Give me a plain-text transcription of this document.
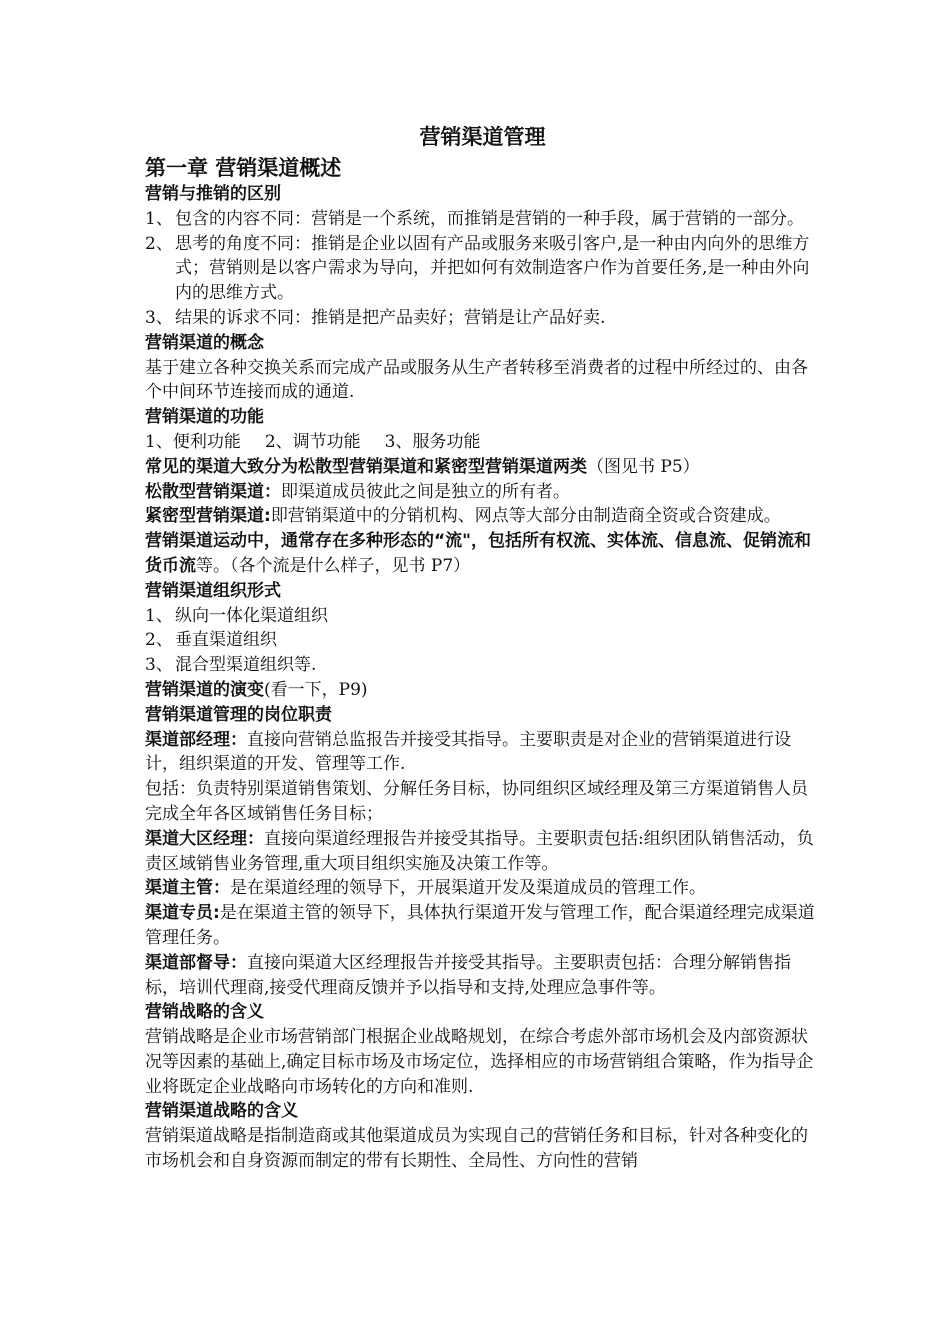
营销渠道管理
第一章 营销渠道概述
营销与推销的区别
1、 包含的内容不同：营销是一个系统，而推销是营销的一种手段，属于营销的一部分。
2、 思考的角度不同：推销是企业以固有产品或服务来吸引客户,是一种由内向外的思维方式；营销则是以客户需求为导向，并把如何有效制造客户作为首要任务,是一种由外向内的思维方式。
3、 结果的诉求不同：推销是把产品卖好；营销是让产品好卖.
营销渠道的概念
基于建立各种交换关系而完成产品或服务从生产者转移至消费者的过程中所经过的、由各个中间环节连接而成的通道.
营销渠道的功能
1、便利功能 2、调节功能 3、服务功能
常见的渠道大致分为松散型营销渠道和紧密型营销渠道两类（图见书 P5）
松散型营销渠道：即渠道成员彼此之间是独立的所有者。
紧密型营销渠道:即营销渠道中的分销机构、网点等大部分由制造商全资或合资建成。
营销渠道运动中，通常存在多种形态的“流"，包括所有权流、实体流、信息流、促销流和货币流等。（各个流是什么样子，见书 P7）
营销渠道组织形式
1、 纵向一体化渠道组织
2、 垂直渠道组织
3、 混合型渠道组织等.
营销渠道的演变(看一下，P9)
营销渠道管理的岗位职责
渠道部经理：直接向营销总监报告并接受其指导。主要职责是对企业的营销渠道进行设计，组织渠道的开发、管理等工作.
包括：负责特别渠道销售策划、分解任务目标，协同组织区域经理及第三方渠道销售人员完成全年各区域销售任务目标；
渠道大区经理：直接向渠道经理报告并接受其指导。主要职责包括:组织团队销售活动，负责区域销售业务管理,重大项目组织实施及决策工作等。
渠道主管：是在渠道经理的领导下，开展渠道开发及渠道成员的管理工作。
渠道专员:是在渠道主管的领导下，具体执行渠道开发与管理工作，配合渠道经理完成渠道管理任务。
渠道部督导：直接向渠道大区经理报告并接受其指导。主要职责包括：合理分解销售指标，培训代理商,接受代理商反馈并予以指导和支持,处理应急事件等。
营销战略的含义
营销战略是企业市场营销部门根据企业战略规划，在综合考虑外部市场机会及内部资源状况等因素的基础上,确定目标市场及市场定位，选择相应的市场营销组合策略，作为指导企业将既定企业战略向市场转化的方向和准则.
营销渠道战略的含义
营销渠道战略是指制造商或其他渠道成员为实现自己的营销任务和目标，针对各种变化的市场机会和自身资源而制定的带有长期性、全局性、方向性的营销
